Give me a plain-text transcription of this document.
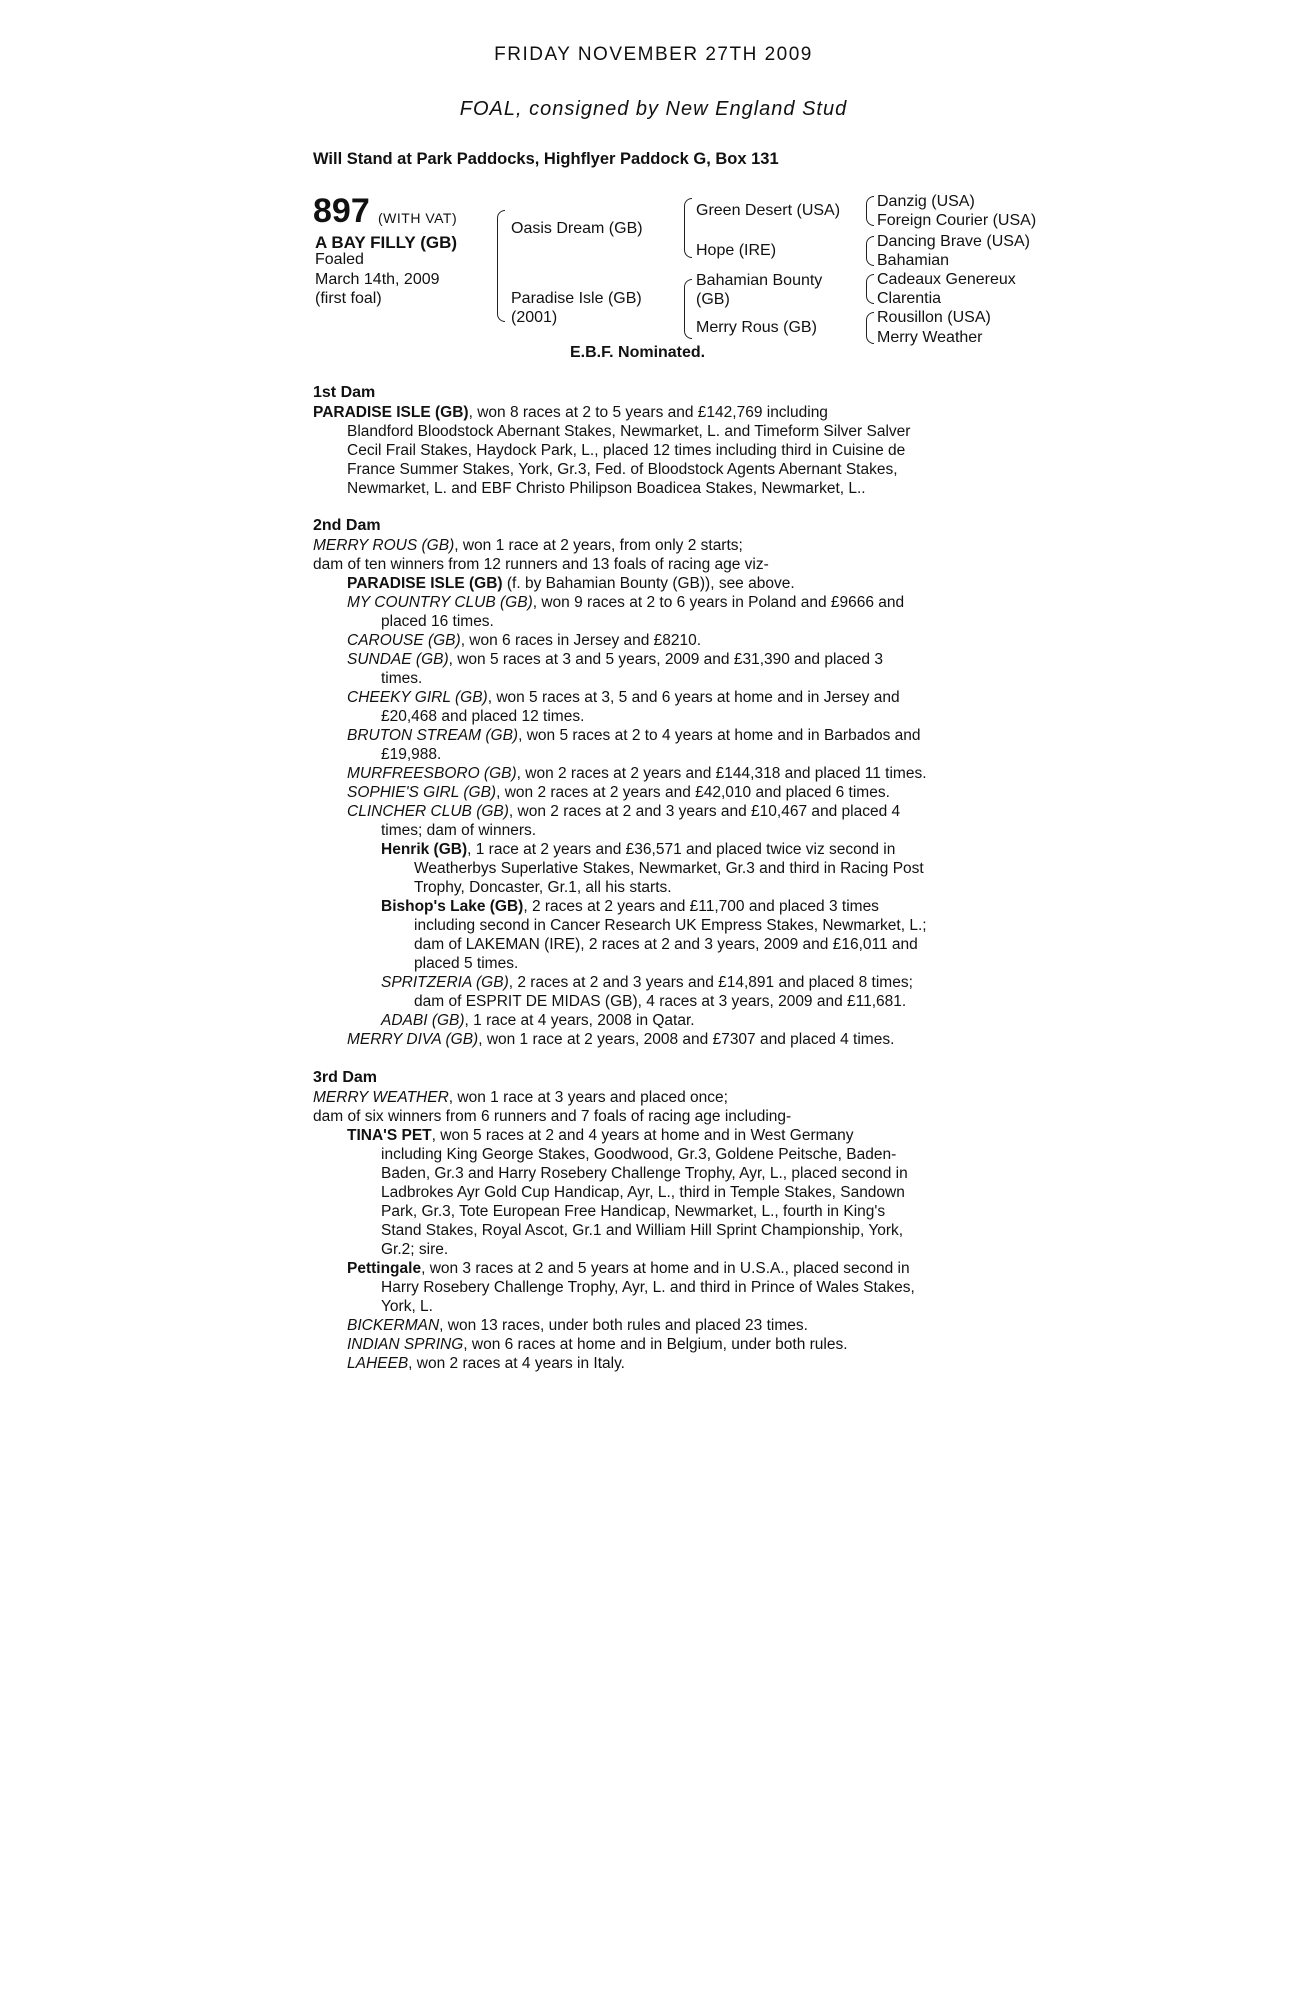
FRIDAY NOVEMBER 27TH 2009
FOAL, consigned by New England Stud
Will Stand at Park Paddocks, Highflyer Paddock G, Box 131
897 (WITH VAT)
A BAY FILLY (GB)
Foaled
March 14th, 2009
(first foal)
Oasis Dream (GB)
Paradise Isle (GB)
(2001)
Green Desert (USA)
Hope (IRE)
Bahamian Bounty
(GB)
Merry Rous (GB)
Danzig (USA)
Foreign Courier (USA)
Dancing Brave (USA)
Bahamian
Cadeaux Genereux
Clarentia
Rousillon (USA)
Merry Weather
E.B.F. Nominated.
1st Dam
PARADISE ISLE (GB), won 8 races at 2 to 5 years and £142,769 including
Blandford Bloodstock Abernant Stakes, Newmarket, L. and Timeform Silver Salver
Cecil Frail Stakes, Haydock Park, L., placed 12 times including third in Cuisine de
France Summer Stakes, York, Gr.3, Fed. of Bloodstock Agents Abernant Stakes,
Newmarket, L. and EBF Christo Philipson Boadicea Stakes, Newmarket, L..
2nd Dam
MERRY ROUS (GB), won 1 race at 2 years, from only 2 starts;
dam of ten winners from 12 runners and 13 foals of racing age viz-
PARADISE ISLE (GB) (f. by Bahamian Bounty (GB)), see above.
MY COUNTRY CLUB (GB), won 9 races at 2 to 6 years in Poland and £9666 and
placed 16 times.
CAROUSE (GB), won 6 races in Jersey and £8210.
SUNDAE (GB), won 5 races at 3 and 5 years, 2009 and £31,390 and placed 3
times.
CHEEKY GIRL (GB), won 5 races at 3, 5 and 6 years at home and in Jersey and
£20,468 and placed 12 times.
BRUTON STREAM (GB), won 5 races at 2 to 4 years at home and in Barbados and
£19,988.
MURFREESBORO (GB), won 2 races at 2 years and £144,318 and placed 11 times.
SOPHIE'S GIRL (GB), won 2 races at 2 years and £42,010 and placed 6 times.
CLINCHER CLUB (GB), won 2 races at 2 and 3 years and £10,467 and placed 4
times; dam of winners.
Henrik (GB), 1 race at 2 years and £36,571 and placed twice viz second in
Weatherbys Superlative Stakes, Newmarket, Gr.3 and third in Racing Post
Trophy, Doncaster, Gr.1, all his starts.
Bishop's Lake (GB), 2 races at 2 years and £11,700 and placed 3 times
including second in Cancer Research UK Empress Stakes, Newmarket, L.;
dam of LAKEMAN (IRE), 2 races at 2 and 3 years, 2009 and £16,011 and
placed 5 times.
SPRITZERIA (GB), 2 races at 2 and 3 years and £14,891 and placed 8 times;
dam of ESPRIT DE MIDAS (GB), 4 races at 3 years, 2009 and £11,681.
ADABI (GB), 1 race at 4 years, 2008 in Qatar.
MERRY DIVA (GB), won 1 race at 2 years, 2008 and £7307 and placed 4 times.
3rd Dam
MERRY WEATHER, won 1 race at 3 years and placed once;
dam of six winners from 6 runners and 7 foals of racing age including-
TINA'S PET, won 5 races at 2 and 4 years at home and in West Germany
including King George Stakes, Goodwood, Gr.3, Goldene Peitsche, Baden-
Baden, Gr.3 and Harry Rosebery Challenge Trophy, Ayr, L., placed second in
Ladbrokes Ayr Gold Cup Handicap, Ayr, L., third in Temple Stakes, Sandown
Park, Gr.3, Tote European Free Handicap, Newmarket, L., fourth in King's
Stand Stakes, Royal Ascot, Gr.1 and William Hill Sprint Championship, York,
Gr.2; sire.
Pettingale, won 3 races at 2 and 5 years at home and in U.S.A., placed second in
Harry Rosebery Challenge Trophy, Ayr, L. and third in Prince of Wales Stakes,
York, L.
BICKERMAN, won 13 races, under both rules and placed 23 times.
INDIAN SPRING, won 6 races at home and in Belgium, under both rules.
LAHEEB, won 2 races at 4 years in Italy.
